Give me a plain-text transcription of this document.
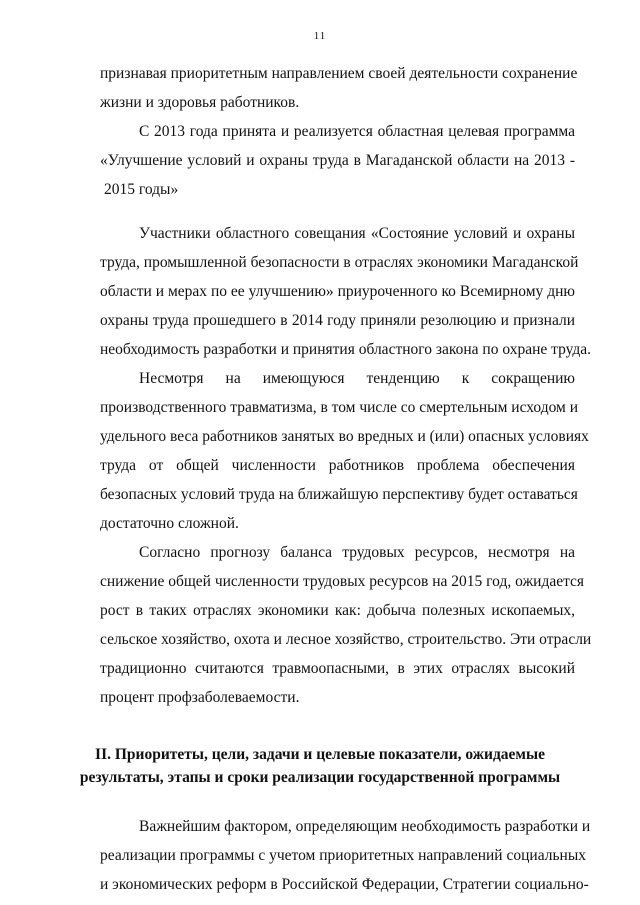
11

признавая приоритетным направлением своей деятельности сохранение

жизни и здоровья работников.

С 2013 года принята и реализуется областная целевая программа

«Улучшение условий и охраны труда в Магаданской области на 2013 -

2015 годы»

Участники областного совещания «Состояние условий и охраны

труда, промышленной безопасности в отраслях экономики Магаданской

области и мерах по ее улучшению» приуроченного ко Всемирному дню

охраны труда прошедшего в 2014 году приняли резолюцию и признали

необходимость разработки и принятия областного закона по охране труда.

Несмотря на имеющуюся тенденцию к сокращению

производственного травматизма, в том числе со смертельным исходом и

удельного веса работников занятых во вредных и (или) опасных условиях

труда от общей численности работников проблема обеспечения

безопасных условий труда на ближайшую перспективу будет оставаться

достаточно сложной.

Согласно прогнозу баланса трудовых ресурсов, несмотря на

снижение общей численности трудовых ресурсов на 2015 год, ожидается

рост в таких отраслях экономики как: добыча полезных ископаемых,

сельское хозяйство, охота и лесное хозяйство, строительство. Эти отрасли

традиционно считаются травмоопасными, в этих отраслях высокий

процент профзаболеваемости.

II. Приоритеты, цели, задачи и целевые показатели, ожидаемые
результаты, этапы и сроки реализации государственной программы

Важнейшим фактором, определяющим необходимость разработки и

реализации программы с учетом приоритетных направлений социальных

и экономических реформ в Российской Федерации, Стратегии социально-
